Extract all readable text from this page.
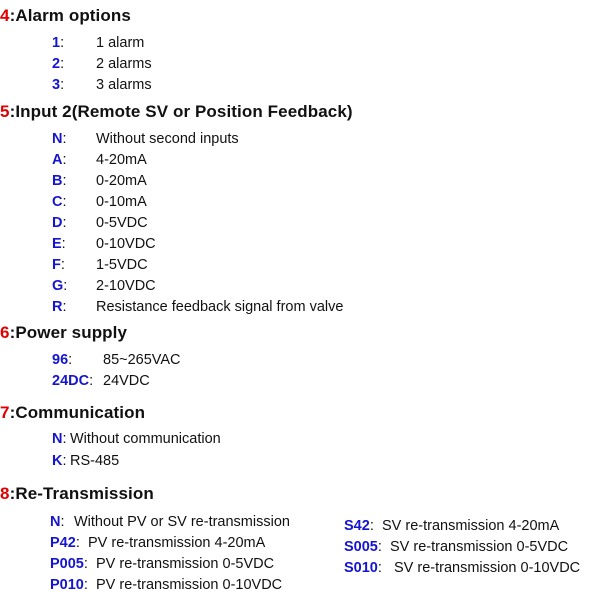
4:Alarm options
1: 1 alarm
2: 2 alarms
3: 3 alarms
5:Input 2(Remote SV or Position Feedback)
N: Without second inputs
A: 4-20mA
B: 0-20mA
C: 0-10mA
D: 0-5VDC
E: 0-10VDC
F: 1-5VDC
G: 2-10VDC
R: Resistance feedback signal from valve
6:Power supply
96: 85~265VAC
24DC: 24VDC
7:Communication
N: Without communication
K: RS-485
8:Re-Transmission
N: Without PV or SV re-transmission
P42: PV re-transmission 4-20mA
P005: PV re-transmission 0-5VDC
P010: PV re-transmission 0-10VDC
S42: SV re-transmission 4-20mA
S005: SV re-transmission 0-5VDC
S010: SV re-transmission 0-10VDC
